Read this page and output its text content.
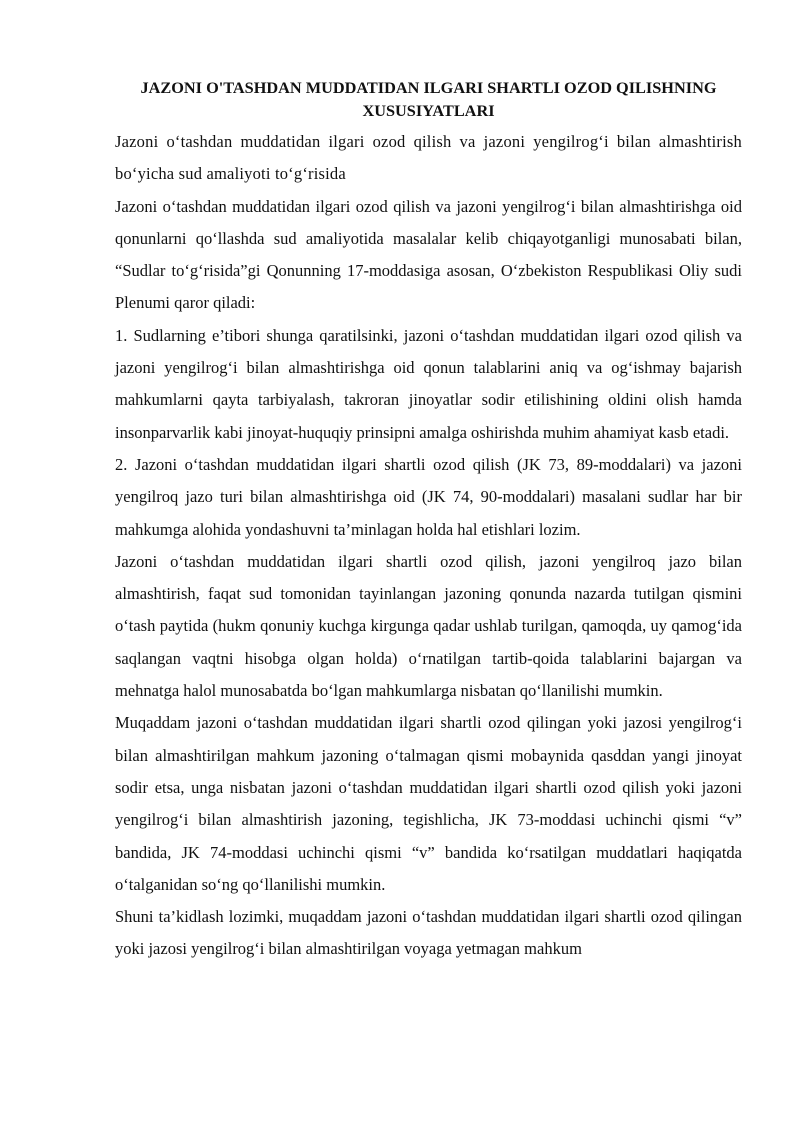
JAZONI O'TASHDAN MUDDATIDAN ILGARI SHARTLI OZOD QILISHNING XUSUSIYATLARI

Jazoni o‘tashdan muddatidan ilgari ozod qilish va jazoni yengilrog‘i bilan almashtirish bo‘yicha sud amaliyoti to‘g‘risida

Jazoni o‘tashdan muddatidan ilgari ozod qilish va jazoni yengilrog‘i bilan almashtirishga oid qonunlarni qo‘llashda sud amaliyotida masalalar kelib chiqayotganligi munosabati bilan, “Sudlar to‘g‘risida”gi Qonunning 17-moddasiga asosan, O‘zbekiston Respublikasi Oliy sudi Plenumi qaror qiladi:

1. Sudlarning e’tibori shunga qaratilsinki, jazoni o‘tashdan muddatidan ilgari ozod qilish va jazoni yengilrog‘i bilan almashtirishga oid qonun talablarini aniq va og‘ishmay bajarish mahkumlarni qayta tarbiyalash, takroran jinoyatlar sodir etilishining oldini olish hamda insonparvarlik kabi jinoyat-huquqiy prinsipni amalga oshirishda muhim ahamiyat kasb etadi.

2. Jazoni o‘tashdan muddatidan ilgari shartli ozod qilish (JK 73, 89-moddalari) va jazoni yengilroq jazo turi bilan almashtirishga oid (JK 74, 90-moddalari) masalani sudlar har bir mahkumga alohida yondashuvni ta’minlagan holda hal etishlari lozim.

Jazoni o‘tashdan muddatidan ilgari shartli ozod qilish, jazoni yengilroq jazo bilan almashtirish, faqat sud tomonidan tayinlangan jazoning qonunda nazarda tutilgan qismini o‘tash paytida (hukm qonuniy kuchga kirgunga qadar ushlab turilgan, qamoqda, uy qamog‘ida saqlangan vaqtni hisobga olgan holda) o‘rnatilgan tartib-qoida talablarini bajargan va mehnatga halol munosabatda bo‘lgan mahkumlarga nisbatan qo‘llanilishi mumkin.

Muqaddam jazoni o‘tashdan muddatidan ilgari shartli ozod qilingan yoki jazosi yengilrog‘i bilan almashtirilgan mahkum jazoning o‘talmagan qismi mobaynida qasddan yangi jinoyat sodir etsa, unga nisbatan jazoni o‘tashdan muddatidan ilgari shartli ozod qilish yoki jazoni yengilrog‘i bilan almashtirish jazoning, tegishlicha, JK 73-moddasi uchinchi qismi “v” bandida, JK 74-moddasi uchinchi qismi “v” bandida ko‘rsatilgan muddatlari haqiqatda o‘talganidan so‘ng qo‘llanilishi mumkin.

Shuni ta’kidlash lozimki, muqaddam jazoni o‘tashdan muddatidan ilgari shartli ozod qilingan yoki jazosi yengilrog‘i bilan almashtirilgan voyaga yetmagan mahkum
